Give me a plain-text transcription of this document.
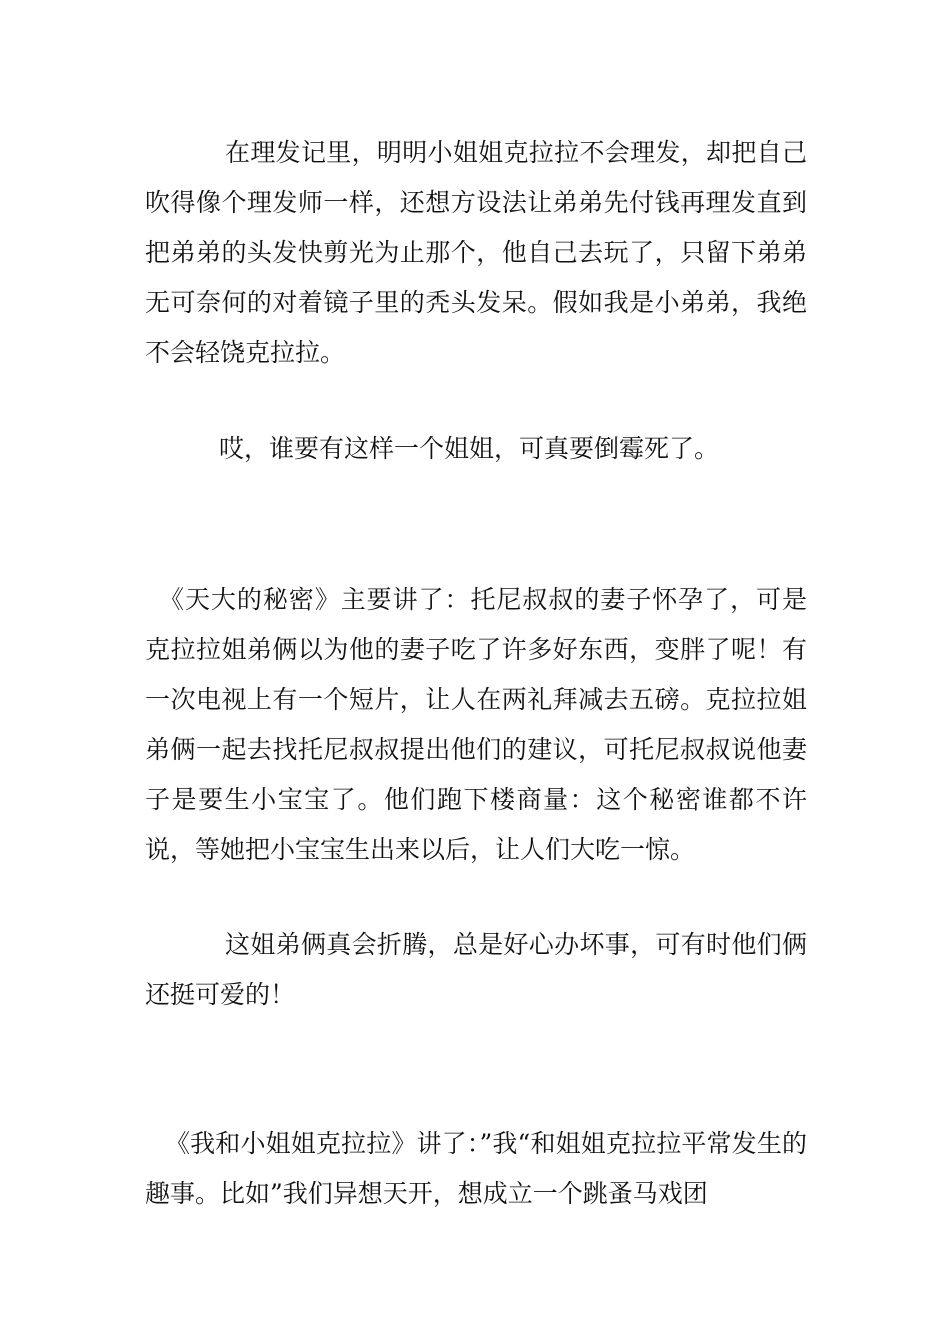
在理发记里，明明小姐姐克拉拉不会理发，却把自己吹得像个理发师一样，还想方设法让弟弟先付钱再理发直到把弟弟的头发快剪光为止那个，他自己去玩了，只留下弟弟无可奈何的对着镜子里的秃头发呆。假如我是小弟弟，我绝不会轻饶克拉拉。

哎，谁要有这样一个姐姐，可真要倒霉死了。

《天大的秘密》主要讲了：托尼叔叔的妻子怀孕了，可是克拉拉姐弟俩以为他的妻子吃了许多好东西，变胖了呢！有一次电视上有一个短片，让人在两礼拜减去五磅。克拉拉姐弟俩一起去找托尼叔叔提出他们的建议，可托尼叔叔说他妻子是要生小宝宝了。他们跑下楼商量：这个秘密谁都不许说，等她把小宝宝生出来以后，让人们大吃一惊。

这姐弟俩真会折腾，总是好心办坏事，可有时他们俩还挺可爱的！

《我和小姐姐克拉拉》讲了：”我“和姐姐克拉拉平常发生的趣事。比如”我们异想天开，想成立一个跳蚤马戏团
